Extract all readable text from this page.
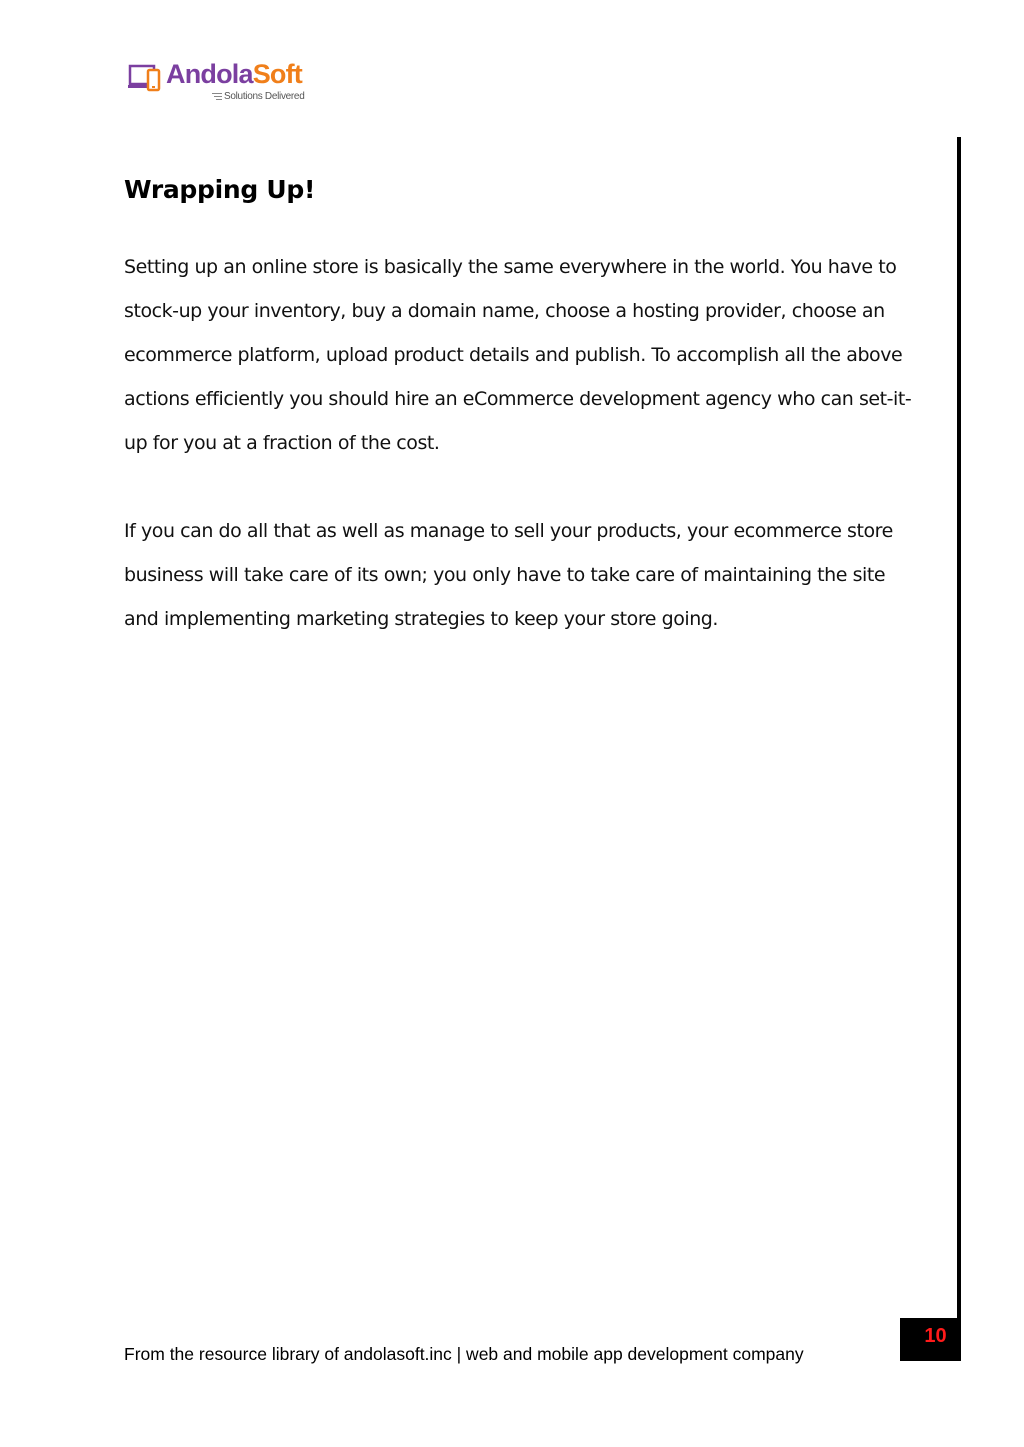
AndolaSoft
Solutions Delivered
Wrapping Up!

Setting up an online store is basically the same everywhere in the world. You have to stock-up your inventory, buy a domain name, choose a hosting provider, choose an ecommerce platform, upload product details and publish. To accomplish all the above actions efficiently you should hire an eCommerce development agency who can set-it-up for you at a fraction of the cost.

If you can do all that as well as manage to sell your products, your ecommerce store business will take care of its own; you only have to take care of maintaining the site and implementing marketing strategies to keep your store going.

From the resource library of andolasoft.inc | web and mobile app development company
10
